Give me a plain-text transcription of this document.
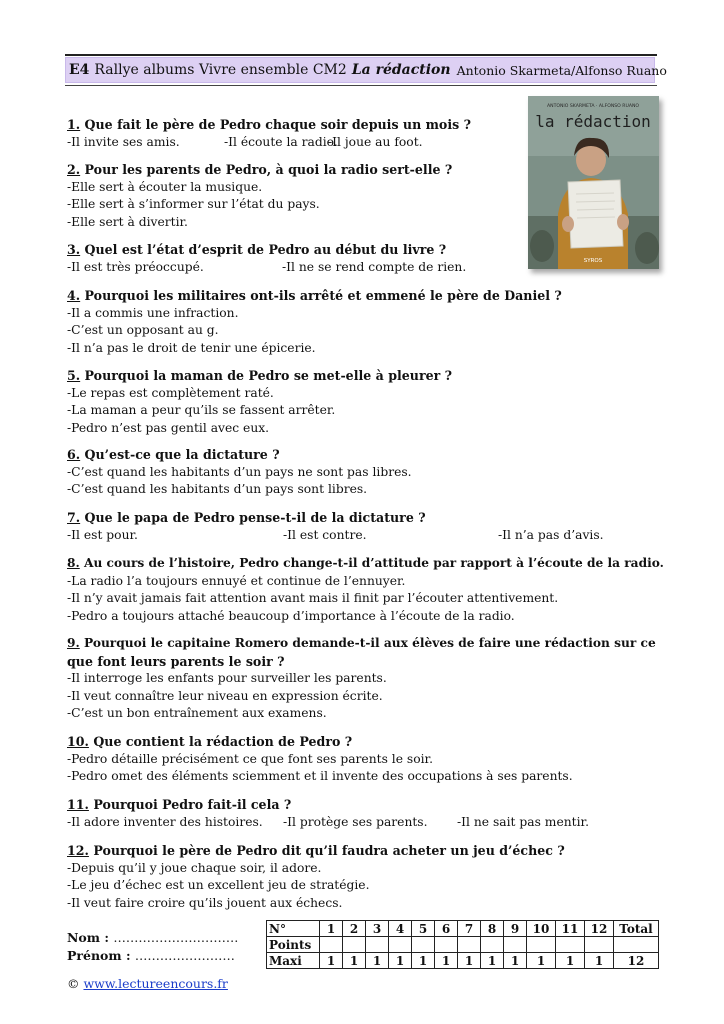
E4 Rallye albums Vivre ensemble CM2 La rédaction Antonio Skarmeta/Alfonso Ruano
ANTONIO SKARMETA · ALFONSO RUANO
la rédaction
SYROS
1. Que fait le père de Pedro chaque soir depuis un mois ?
-Il invite ses amis.	-Il écoute la radio.
-Il joue au foot.
2. Pour les parents de Pedro, à quoi la radio sert-elle ?
-Elle sert à écouter la musique.
-Elle sert à s’informer sur l’état du pays.
-Elle sert à divertir.
3. Quel est l’état d’esprit de Pedro au début du livre ?
-Il est très préoccupé.	-Il ne se rend compte de rien.
4. Pourquoi les militaires ont-ils arrêté et emmené le père de Daniel ?
-Il a commis une infraction.
-C’est un opposant au g.
-Il n’a pas le droit de tenir une épicerie.
5. Pourquoi la maman de Pedro se met-elle à pleurer ?
-Le repas est complètement raté.
-La maman a peur qu’ils se fassent arrêter.
-Pedro n’est pas gentil avec eux.
6. Qu’est-ce que la dictature ?
-C’est quand les habitants d’un pays ne sont pas libres.
-C’est quand les habitants d’un pays sont libres.
7. Que le papa de Pedro pense-t-il de la dictature ?
-Il est pour.	-Il est contre.	-Il n’a pas d’avis.
8. Au cours de l’histoire, Pedro change-t-il d’attitude par rapport à l’écoute de la radio.
-La radio l’a toujours ennuyé et continue de l’ennuyer.
-Il n’y avait jamais fait attention avant mais il finit par l’écouter attentivement.
-Pedro a toujours attaché beaucoup d’importance à l’écoute de la radio.
9. Pourquoi le capitaine Romero demande-t-il aux élèves de faire une rédaction sur ce
que font leurs parents le soir ?
-Il interroge les enfants pour surveiller les parents.
-Il veut connaître leur niveau en expression écrite.
-C’est un bon entraînement aux examens.
10. Que contient la rédaction de Pedro ?
-Pedro détaille précisément ce que font ses parents le soir.
-Pedro omet des éléments sciemment et il invente des occupations à ses parents.
11. Pourquoi Pedro fait-il cela ?
-Il adore inventer des histoires. -Il protège ses parents. -Il ne sait pas mentir.
12. Pourquoi le père de Pedro dit qu’il faudra acheter un jeu d’échec ?
-Depuis qu’il y joue chaque soir, il adore.
-Le jeu d’échec est un excellent jeu de stratégie.
-Il veut faire croire qu’ils jouent aux échecs.
Nom : …………………………
Prénom : ……………………
N°	1	2	3	4	5	6	7	8	9	10	11	12	Total
Points													
Maxi	1	1	1	1	1	1	1	1	1	1	1	1	12
© www.lectureencours.fr
